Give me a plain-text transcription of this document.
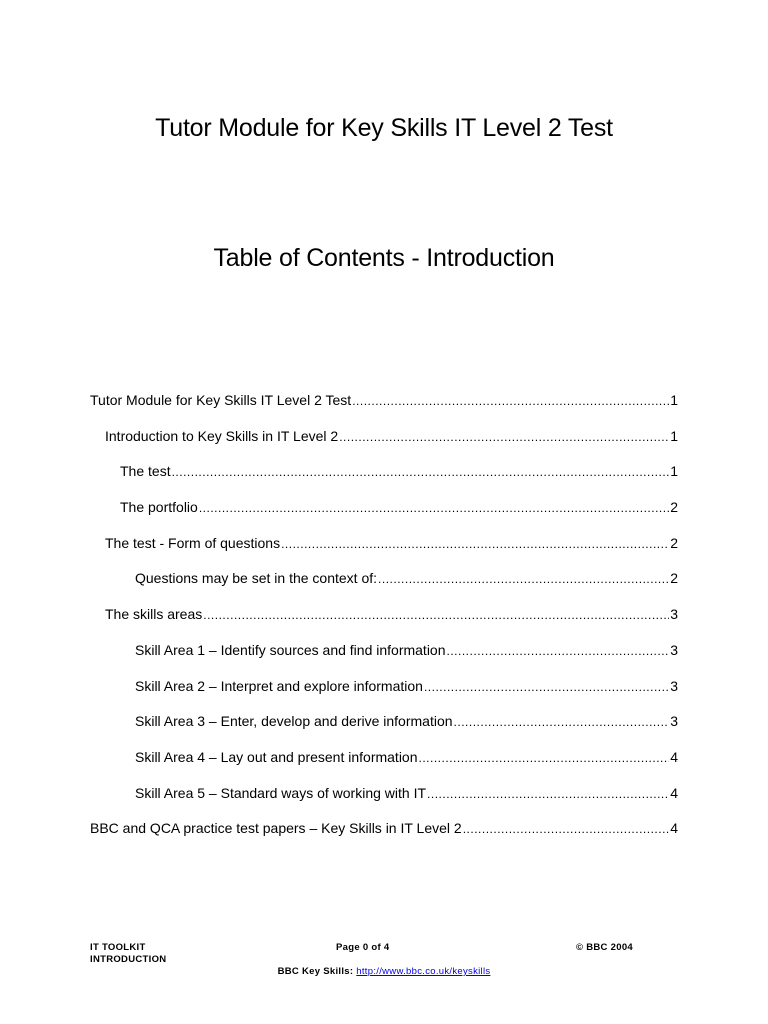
Tutor Module for Key Skills IT Level 2 Test
Table of Contents - Introduction
Tutor Module for Key Skills IT Level 2 Test .....	1
Introduction to Key Skills in IT Level 2 .....	1
The test .....	1
The portfolio .....	2
The test - Form of questions .....	2
Questions may be set in the context of: .....	2
The skills areas .....	3
Skill Area 1 – Identify sources and find information .....	3
Skill Area 2 – Interpret and explore information .....	3
Skill Area 3 – Enter, develop and derive information .....	3
Skill Area 4 – Lay out and present information .....	4
Skill Area 5 – Standard ways of working with IT .....	4
BBC and QCA practice test papers – Key Skills in IT Level 2 .....	4
IT TOOLKIT
INTRODUCTION
Page 0 of 4	© BBC 2004
BBC Key Skills: http://www.bbc.co.uk/keyskills
